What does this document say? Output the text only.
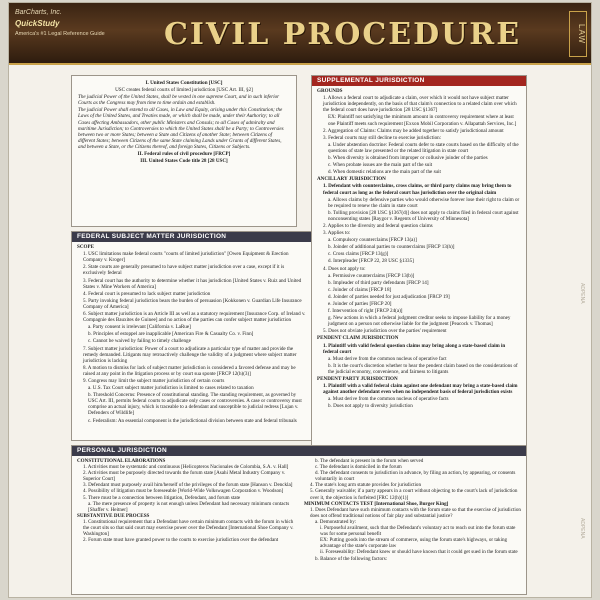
BarCharts, Inc.
QuickStudy
America's #1 Legal Reference Guide CIVIL PROCEDURE	LAW

I. United States Constitution [USC]

USC creates federal courts of limited jurisdiction [USC Art. III, §2]

The judicial Power of the United States, shall be vested in one supreme Court, and in such inferior Courts as the Congress may from time to time ordain and establish.

The judicial Power shall extend to all Cases, in Law and Equity, arising under this Constitution; the Laws of the United States, and Treaties made, or which shall be made, under their Authority; to all Cases affecting Ambassadors, other public Ministers and Consuls; to all Cases of admiralty and maritime Jurisdiction; to Controversies to which the United States shall be a Party; to Controversies between two or more States; between a State and Citizens of another State; between Citizens of different States; between Citizens of the same State claiming Lands under Grants of different States, and between a State, or the Citizens thereof, and foreign States, Citizens or Subjects.

II. Federal rules of civil procedure [FRCP]

III. United States Code title 28 [28 USC]

FEDERAL SUBJECT MATTER JURISDICTION

SCOPE

1. USC limitations make federal courts "courts of limited jurisdiction" [Owen Equipment & Erection Company v. Kroger]

2. State courts are generally presumed to have subject matter jurisdiction over a case, except if it is exclusively federal

3. Federal court has the authority to determine whether it has jurisdiction [United States v. Ruiz and United States v. Mine Workers of America]

4. Federal court is presumed to lack subject matter jurisdiction

5. Party invoking federal jurisdiction bears the burden of persuasion [Kokkonen v. Guardian Life Insurance Company of America]

6. Subject matter jurisdiction is an Article III as well as a statutory requirement [Insurance Corp. of Ireland v. Compagnie des Bauxites de Guinee] and no action of the parties can confer subject matter jurisdiction

a. Party consent is irrelevant [California v. LaRue]

b. Principles of estoppel are inapplicable [American Fire & Casualty Co. v. Finn]

c. Cannot be waived by failing to timely challenge

7. Subject matter jurisdiction: Power of a court to adjudicate a particular type of matter and provide the remedy demanded. Litigants may retroactively challenge the validity of a judgment where subject matter jurisdiction is lacking

8. A motion to dismiss for lack of subject matter jurisdiction is considered a favored defense and may be raised at any point in the litigation process or by court sua sponte [FRCP 12(h)(3)]

9. Congress may limit the subject matter jurisdiction of certain courts

a. U.S. Tax Court subject matter jurisdiction is limited to cases related to taxation

b. Threshold Concerns: Presence of constitutional standing. The standing requirement, as governed by USC Art. III, permits federal courts to adjudicate only cases or controversies. A case or controversy must comprise an actual injury, which is traceable to a defendant and susceptible to judicial redress [Lujan v. Defenders of Wildlife]

c. Federalism: An essential component is the jurisdictional division between state and federal tribunals

SUPPLEMENTAL JURISDICTION

GROUNDS

1. Allows a federal court to adjudicate a claim, over which it would not have subject matter jurisdiction independently, on the basis of that claim's connection to a related claim over which the federal court does have jurisdiction [28 USC §1367]

EX: Plaintiff not satisfying the minimum amount in controversy requirement where at least one Plaintiff meets such requirement [Exxon Mobil Corporation v. Allapattah Services, Inc.]

2. Aggregation of Claims: Claims may be added together to satisfy jurisdictional amount

3. Federal courts may still decline to exercise jurisdiction:

a. Under abstention doctrine: Federal courts defer to state courts based on the difficulty of the questions of state law presented or the related litigation in state court

b. When diversity is obtained from improper or collusive joinder of the parties

c. When probate issues are the main part of the suit

d. When domestic relations are the main part of the suit

ANCILLARY JURISDICTION

1. Defendant with counterclaims, cross claims, or third party claims may bring them to federal court as long as the federal court has jurisdiction over the original claim

a. Allows claims by defensive parties who would otherwise forever lose their right to claim or be required to renew the claim in state court

b. Tolling provision [28 USC §1367(d)] does not apply to claims filed in federal court against nonconsenting states [Raygor v. Regents of University of Minnesota]

2. Applies to the diversity and federal question claims

3. Applies to:

a. Compulsory counterclaims [FRCP 13(a)]

b. Joinder of additional parties to counterclaims [FRCP 13(h)]

c. Cross claims [FRCP 13(g)]

d. Interpleader [FRCP 22, 28 USC §1335]

4. Does not apply to:

a. Permissive counterclaims [FRCP 13(b)]

b. Impleader of third party defendants [FRCP 14]

c. Joinder of claims [FRCP 18]

d. Joinder of parties needed for just adjudication [FRCP 19]

e. Joinder of parties [FRCP 20]

f. Intervention of right [FRCP 24(a)]

g. New actions in which a federal judgment creditor seeks to impose liability for a money judgment on a person not otherwise liable for the judgment [Peacock v. Thomas]

5. Does not obviate jurisdiction over the parties' requirement

PENDENT CLAIM JURISDICTION

1. Plaintiff with valid federal question claims may bring along a state-based claim in federal court

a. Must derive from the common nucleus of operative fact

b. It is the court's discretion whether to hear the pendent claim based on the considerations of the judicial economy, convenience, and fairness to litigants

PENDENT PARTY JURISDICTION

1. Plaintiff with a valid federal claim against one defendant may bring a state-based claim against another defendant even when no independent basis of federal jurisdiction exists

a. Must derive from the common nucleus of operative facts

b. Does not apply to diversity jurisdiction

PERSONAL JURISDICTION

CONSTITUTIONAL ELABORATIONS

1. Activities must be systematic and continuous [Helicopteros Nacionales de Colombia, S.A. v. Hall]

2. Activities must be purposely directed towards the forum state [Asahi Metal Industry Company v. Superior Court]

3. Defendant must purposely avail him/herself of the privileges of the forum state [Hanson v. Denckla]

4. Possibility of litigation must be foreseeable [World-Wide Volkswagen Corporation v. Woodson]

5. There must be a connection between litigation, Defendant, and forum state

a. The mere presence of property is not enough unless Defendant had necessary minimum contacts [Shaffer v. Heitner]

SUBSTANTIVE DUE PROCESS

1. Constitutional requirement that a Defendant have certain minimum contacts with the forum in which the court sits so that said court may exercise power over the Defendant [International Shoe Company v. Washington]

2. Forum state must have granted power to the courts to exercise jurisdiction over the defendant

b. The defendant is present in the forum when served

c. The defendant is domiciled in the forum

d. The defendant consents to jurisdiction in advance, by filing an action, by appearing, or consents voluntarily in court

4. The state's long arm statute provides for jurisdiction

5. Generally waivable; if a party appears in a court without objecting to the court's lack of jurisdiction over it, the objection is forfeited [FRC 12(h)(1)]

MINIMUM CONTACTS TEST [International Shoe, Burger King]

1. Does Defendant have such minimum contacts with the forum state so that the exercise of jurisdiction does not offend traditional notions of fair play and substantial justice?

a. Demonstrated by:

i. Purposeful availment, such that the Defendant's voluntary act to reach out into the forum state was for some personal benefit

EX: Putting goods into the stream of commerce, using the forum state's highways, or taking advantage of the state's corporate law

ii. Foreseeability: Defendant knew or should have known that it could get sued in the forum state

b. Balance of the following factors:

ADPENA
ADPENA
